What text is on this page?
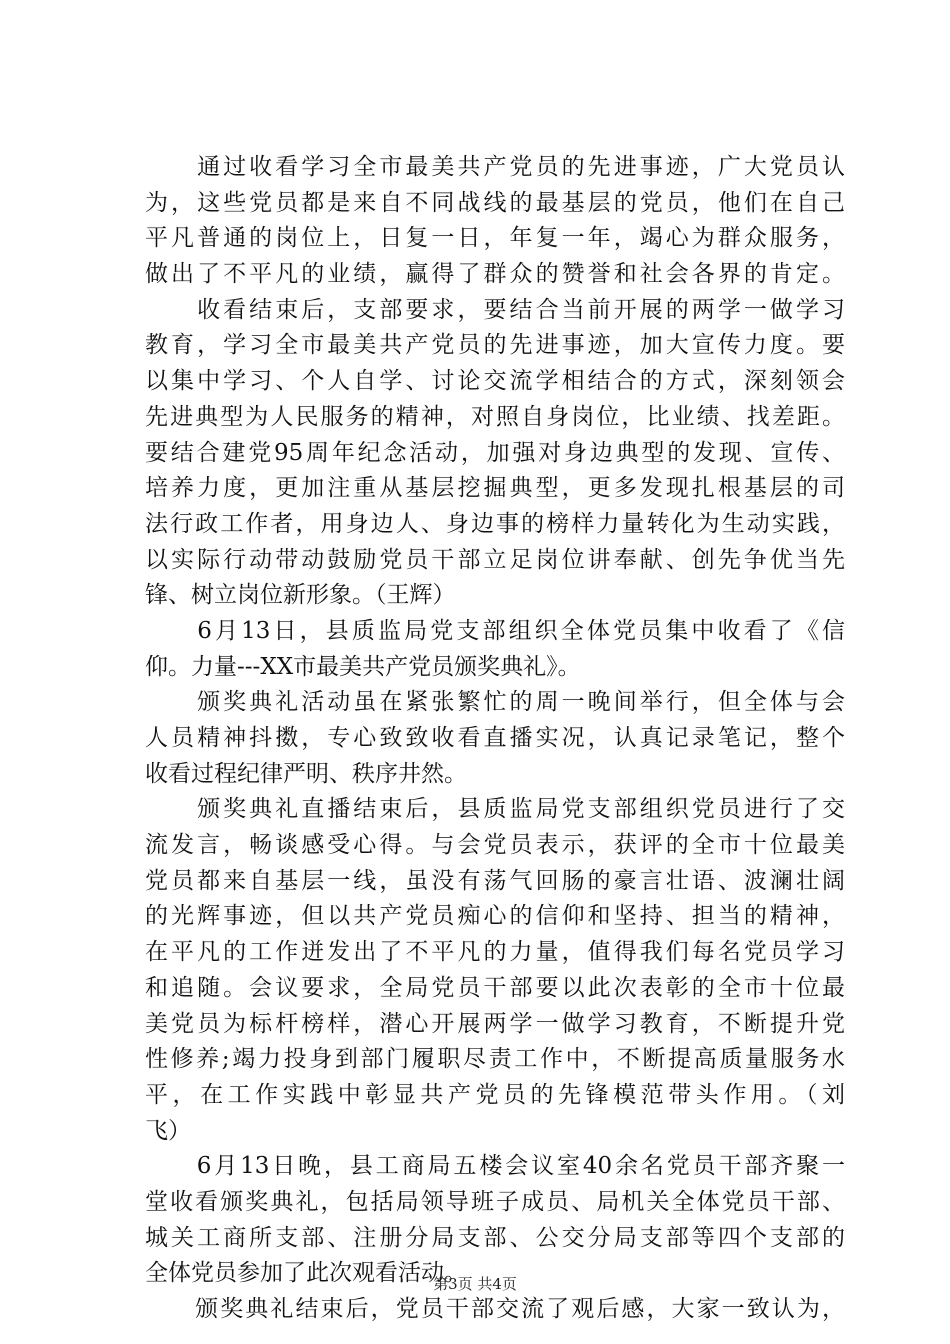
　　通过收看学习全市最美共产党员的先进事迹，广大党员认
为，这些党员都是来自不同战线的最基层的党员，他们在自己
平凡普通的岗位上，日复一日，年复一年，竭心为群众服务，
做出了不平凡的业绩，赢得了群众的赞誉和社会各界的肯定。
　　收看结束后，支部要求，要结合当前开展的两学一做学习
教育，学习全市最美共产党员的先进事迹，加大宣传力度。要
以集中学习、个人自学、讨论交流学相结合的方式，深刻领会
先进典型为人民服务的精神，对照自身岗位，比业绩、找差距。
要结合建党95周年纪念活动，加强对身边典型的发现、宣传、
培养力度，更加注重从基层挖掘典型，更多发现扎根基层的司
法行政工作者，用身边人、身边事的榜样力量转化为生动实践，
以实际行动带动鼓励党员干部立足岗位讲奉献、创先争优当先
锋、树立岗位新形象。（王辉）
　　6月13日，县质监局党支部组织全体党员集中收看了《信
仰。力量---XX市最美共产党员颁奖典礼》。
　　颁奖典礼活动虽在紧张繁忙的周一晚间举行，但全体与会
人员精神抖擞，专心致致收看直播实况，认真记录笔记，整个
收看过程纪律严明、秩序井然。
　　颁奖典礼直播结束后，县质监局党支部组织党员进行了交
流发言，畅谈感受心得。与会党员表示，获评的全市十位最美
党员都来自基层一线，虽没有荡气回肠的豪言壮语、波澜壮阔
的光辉事迹，但以共产党员痴心的信仰和坚持、担当的精神，
在平凡的工作迸发出了不平凡的力量，值得我们每名党员学习
和追随。会议要求，全局党员干部要以此次表彰的全市十位最
美党员为标杆榜样，潜心开展两学一做学习教育，不断提升党
性修养;竭力投身到部门履职尽责工作中，不断提高质量服务水
平，在工作实践中彰显共产党员的先锋模范带头作用。（刘
飞）
　　6月13日晚，县工商局五楼会议室40余名党员干部齐聚一
堂收看颁奖典礼，包括局领导班子成员、局机关全体党员干部、
城关工商所支部、注册分局支部、公交分局支部等四个支部的
全体党员参加了此次观看活动。
　　颁奖典礼结束后，党员干部交流了观后感，大家一致认为，
第3页 共4页
